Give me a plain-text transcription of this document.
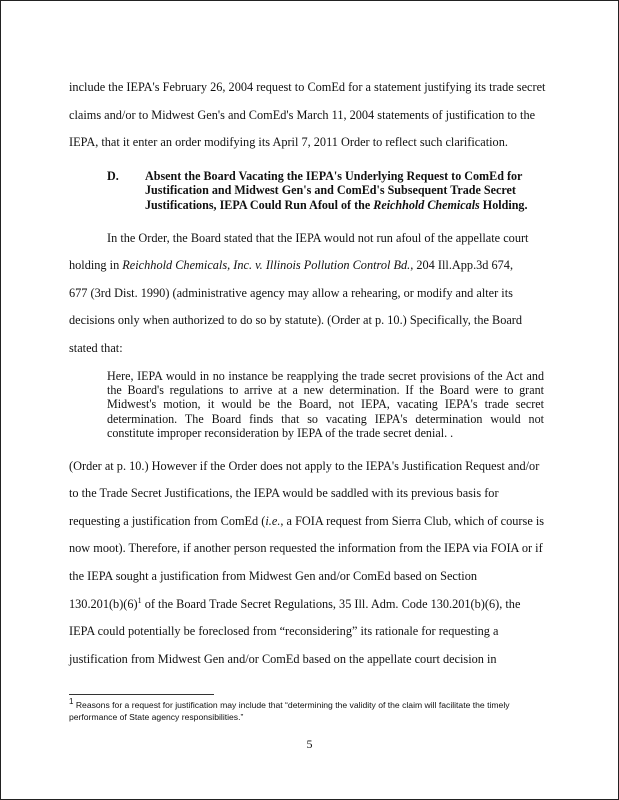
include the IEPA's February 26, 2004 request to ComEd for a statement justifying its trade secret

claims and/or to Midwest Gen's and ComEd's March 11, 2004 statements of justification to the

IEPA, that it enter an order modifying its April 7, 2011 Order to reflect such clarification.

D.	Absent the Board Vacating the IEPA's Underlying Request to ComEd for Justification and Midwest Gen's and ComEd's Subsequent Trade Secret Justifications, IEPA Could Run Afoul of the Reichhold Chemicals Holding.

In the Order, the Board stated that the IEPA would not run afoul of the appellate court

holding in Reichhold Chemicals, Inc. v. Illinois Pollution Control Bd., 204 Ill.App.3d 674,

677 (3rd Dist. 1990) (administrative agency may allow a rehearing, or modify and alter its

decisions only when authorized to do so by statute). (Order at p. 10.) Specifically, the Board

stated that:

Here, IEPA would in no instance be reapplying the trade secret provisions of the Act and the Board's regulations to arrive at a new determination. If the Board were to grant Midwest's motion, it would be the Board, not IEPA, vacating IEPA's trade secret determination. The Board finds that so vacating IEPA's determination would not constitute improper reconsideration by IEPA of the trade secret denial. .

(Order at p. 10.) However if the Order does not apply to the IEPA's Justification Request and/or

to the Trade Secret Justifications, the IEPA would be saddled with its previous basis for

requesting a justification from ComEd (i.e., a FOIA request from Sierra Club, which of course is

now moot). Therefore, if another person requested the information from the IEPA via FOIA or if

the IEPA sought a justification from Midwest Gen and/or ComEd based on Section

$130.201(b)(6)^1$ of the Board Trade Secret Regulations, 35 Ill. Adm. Code 130.201(b)(6), the

IEPA could potentially be foreclosed from “reconsidering” its rationale for requesting a

justification from Midwest Gen and/or ComEd based on the appellate court decision in

$^1$ Reasons for a request for justification may include that “determining the validity of the claim will facilitate the timely performance of State agency responsibilities.”

5
